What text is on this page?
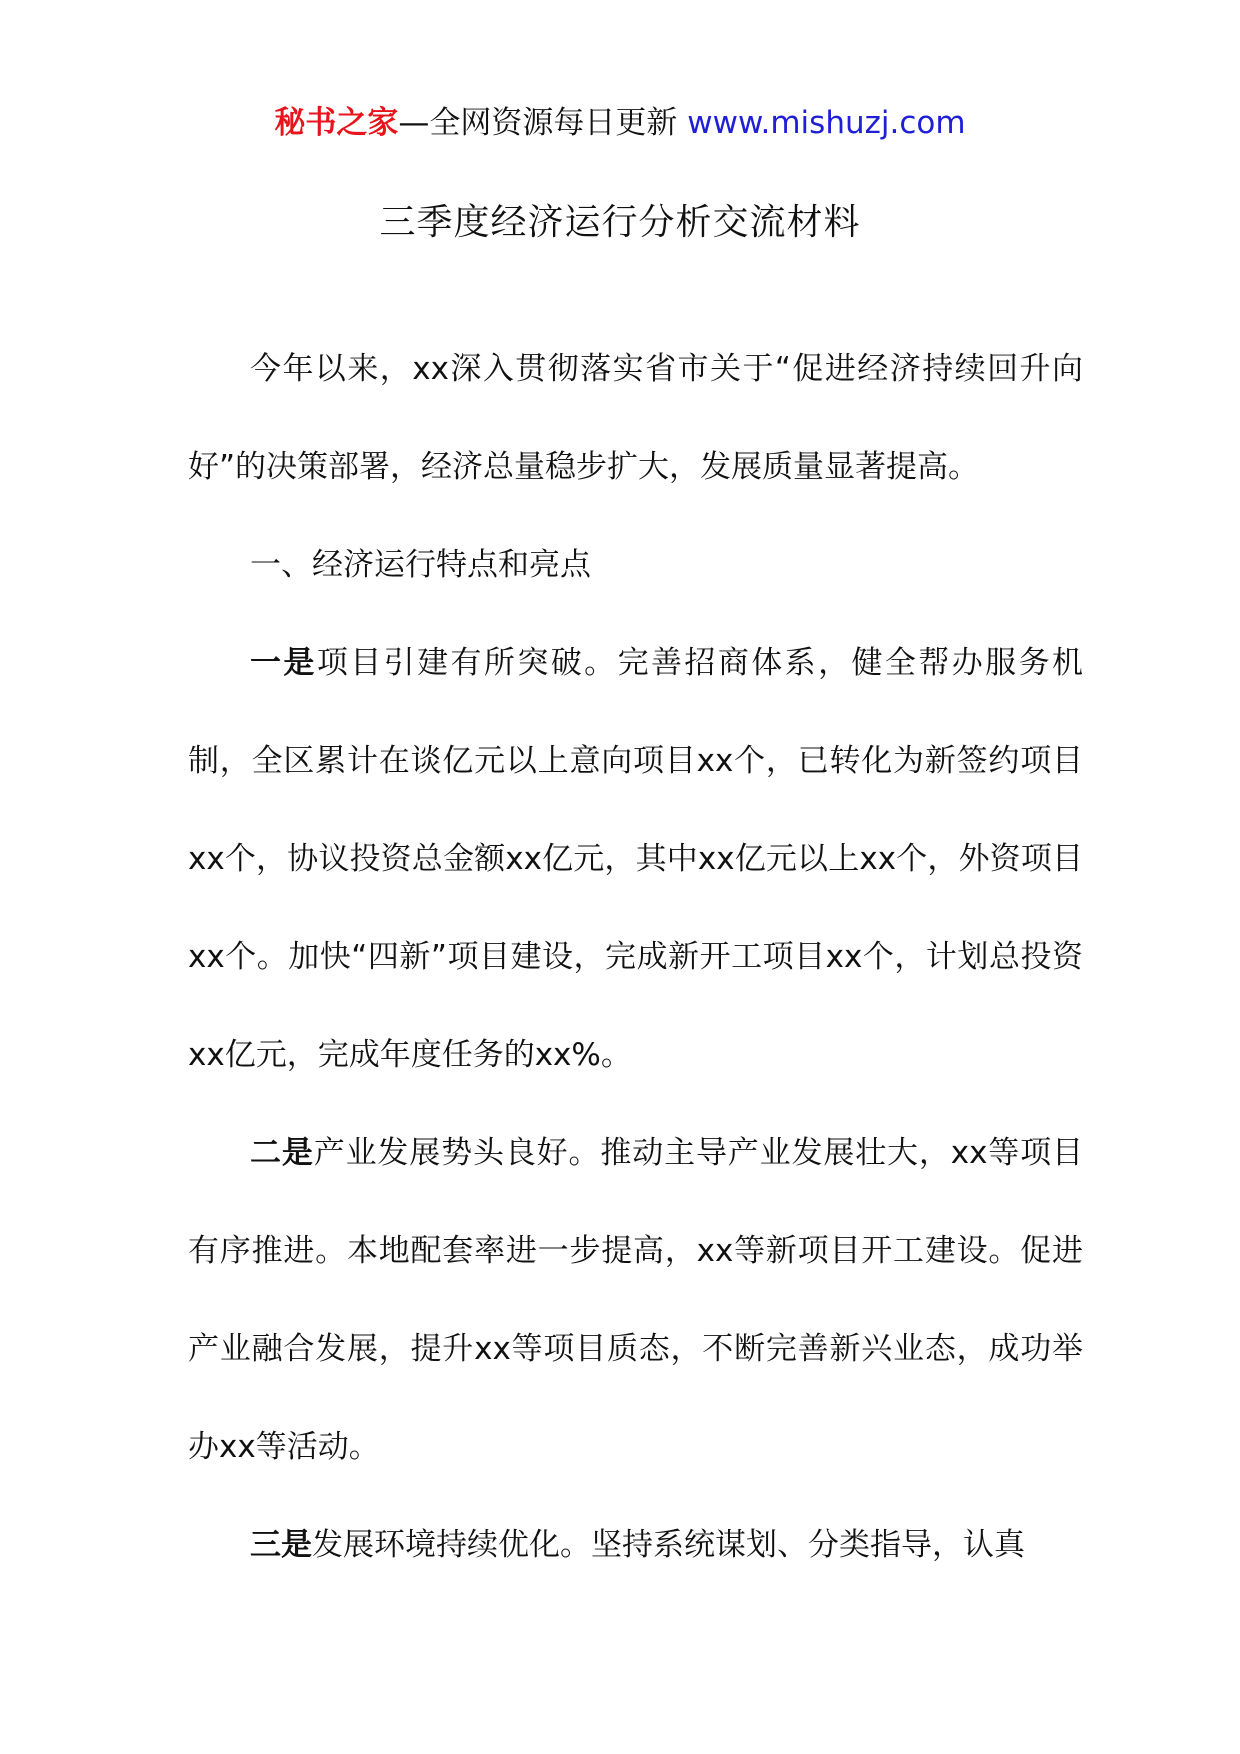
秘书之家—全网资源每日更新 www.mishuzj.com
三季度经济运行分析交流材料

今年以来，xx深入贯彻落实省市关于“促进经济持续回升向好”的决策部署，经济总量稳步扩大，发展质量显著提高。

一、经济运行特点和亮点

一是项目引建有所突破。完善招商体系，健全帮办服务机制，全区累计在谈亿元以上意向项目xx个，已转化为新签约项目xx个，协议投资总金额xx亿元，其中xx亿元以上xx个，外资项目xx个。加快“四新”项目建设，完成新开工项目xx个，计划总投资xx亿元，完成年度任务的xx%。

二是产业发展势头良好。推动主导产业发展壮大，xx等项目有序推进。本地配套率进一步提高，xx等新项目开工建设。促进产业融合发展，提升xx等项目质态，不断完善新兴业态，成功举办xx等活动。

三是发展环境持续优化。坚持系统谋划、分类指导，认真
